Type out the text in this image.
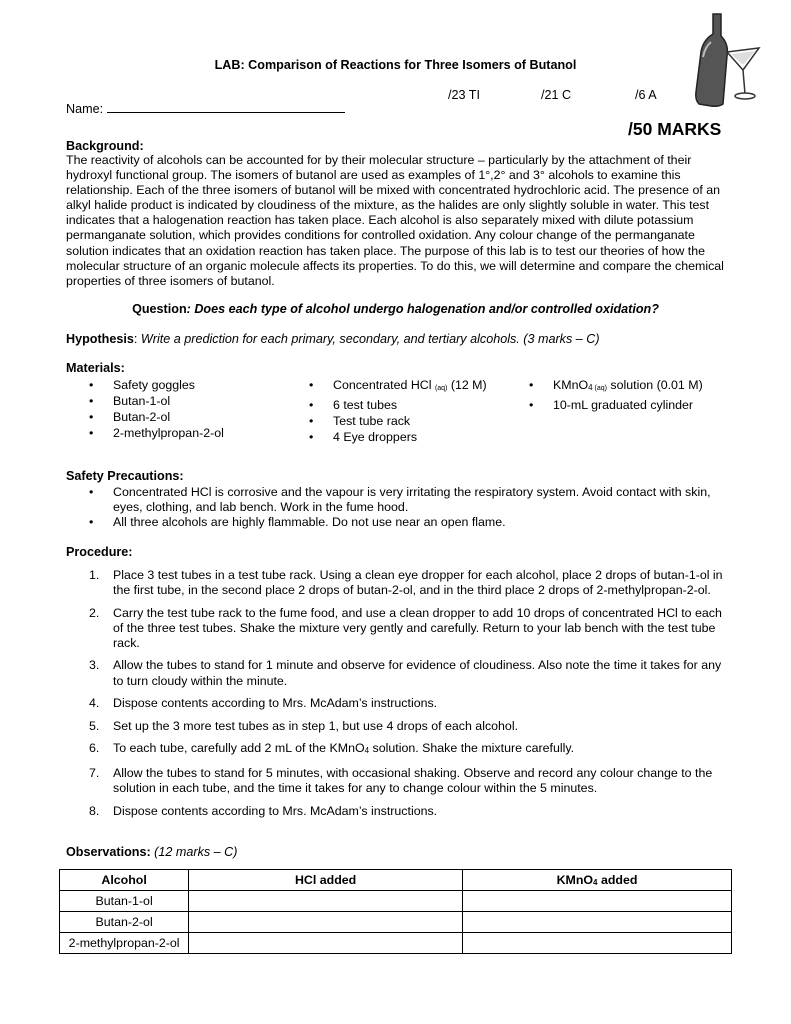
LAB: Comparison of Reactions for Three Isomers of Butanol
/23 TI	/21 C	/6 A
Name:
/50 MARKS
Background:

The reactivity of alcohols can be accounted for by their molecular structure – particularly by the attachment of their hydroxyl functional group. The isomers of butanol are used as examples of 1°,2° and 3° alcohols to examine this relationship. Each of the three isomers of butanol will be mixed with concentrated hydrochloric acid. The presence of an alkyl halide product is indicated by cloudiness of the mixture, as the halides are only slightly soluble in water. This test indicates that a halogenation reaction has taken place. Each alcohol is also separately mixed with dilute potassium permanganate solution, which provides conditions for controlled oxidation. Any colour change of the permanganate solution indicates that an oxidation reaction has taken place. The purpose of this lab is to test our theories of how the molecular structure of an organic molecule affects its properties. To do this, we will determine and compare the chemical properties of three isomers of butanol.

Question: Does each type of alcohol undergo halogenation and/or controlled oxidation?
Hypothesis: Write a prediction for each primary, secondary, and tertiary alcohols. (3 marks – C)
Materials:
• Safety goggles
• Butan-1-ol
• Butan-2-ol
• 2-methylpropan-2-ol
• Concentrated HCl $_{(aq)}$ (12 M)
• 6 test tubes
• Test tube rack
• 4 Eye droppers
• KMnO$_4$ $_{(aq)}$ solution (0.01 M)
• 10-mL graduated cylinder
Safety Precautions:
• Concentrated HCl is corrosive and the vapour is very irritating the respiratory system. Avoid contact with skin, eyes, clothing, and lab bench. Work in the fume hood.
• All three alcohols are highly flammable. Do not use near an open flame.
Procedure:
1. Place 3 test tubes in a test tube rack. Using a clean eye dropper for each alcohol, place 2 drops of butan-1-ol in the first tube, in the second place 2 drops of butan-2-ol, and in the third place 2 drops of 2-methylpropan-2-ol.
2. Carry the test tube rack to the fume food, and use a clean dropper to add 10 drops of concentrated HCl to each of the three test tubes. Shake the mixture very gently and carefully. Return to your lab bench with the test tube rack.
3. Allow the tubes to stand for 1 minute and observe for evidence of cloudiness. Also note the time it takes for any to turn cloudy within the minute.
4. Dispose contents according to Mrs. McAdam’s instructions.
5. Set up the 3 more test tubes as in step 1, but use 4 drops of each alcohol.
6. To each tube, carefully add 2 mL of the KMnO$_4$ solution. Shake the mixture carefully.
7. Allow the tubes to stand for 5 minutes, with occasional shaking. Observe and record any colour change to the solution in each tube, and the time it takes for any to change colour within the 5 minutes.
8. Dispose contents according to Mrs. McAdam’s instructions.
Observations: (12 marks – C)
Alcohol	HCl added	KMnO$_4$ added
Butan-1-ol		
Butan-2-ol		
2-methylpropan-2-ol		
